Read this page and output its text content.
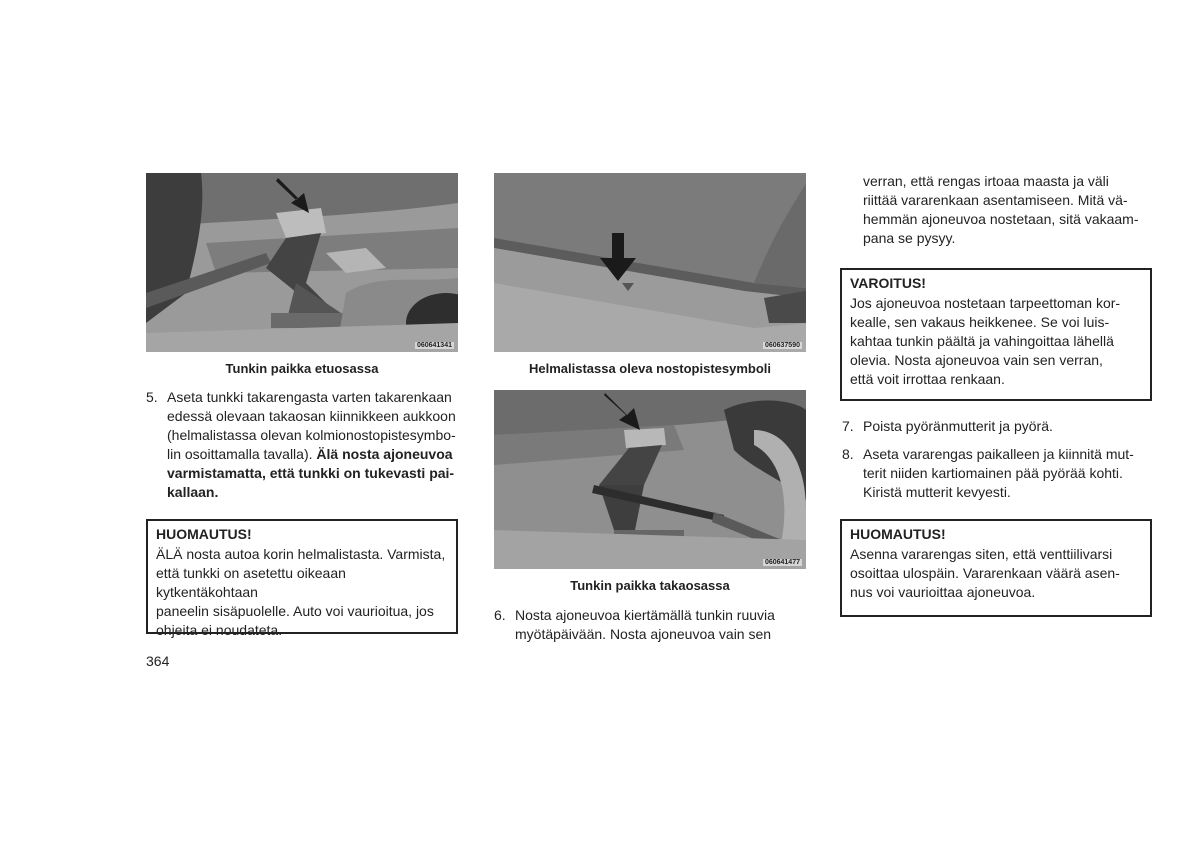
060641341
Tunkin paikka etuosassa
060637590
Helmalistassa oleva nostopistesymboli
060641477
Tunkin paikka takaosassa
5. Aseta tunkki takarengasta varten takarenkaan
edessä olevaan takaosan kiinnikkeen aukkoon
(helmalistassa olevan kolmionostopistesymbo-
lin osoittamalla tavalla). Älä nosta ajoneuvoa
varmistamatta, että tunkki on tukevasti pai-
kallaan.
HUOMAUTUS!
ÄLÄ nosta autoa korin helmalistasta. Varmista,
että tunkki on asetettu oikeaan kytkentäkohtaan
paneelin sisäpuolelle. Auto voi vaurioitua, jos
ohjeita ei noudateta.
6. Nosta ajoneuvoa kiertämällä tunkin ruuvia
myötäpäivään. Nosta ajoneuvoa vain sen
verran, että rengas irtoaa maasta ja väli
riittää vararenkaan asentamiseen. Mitä vä-
hemmän ajoneuvoa nostetaan, sitä vakaam-
pana se pysyy.
VAROITUS!
Jos ajoneuvoa nostetaan tarpeettoman kor-
kealle, sen vakaus heikkenee. Se voi luis-
kahtaa tunkin päältä ja vahingoittaa lähellä
olevia. Nosta ajoneuvoa vain sen verran,
että voit irrottaa renkaan.
7. Poista pyöränmutterit ja pyörä.
8. Aseta vararengas paikalleen ja kiinnitä mut-
terit niiden kartiomainen pää pyörää kohti.
Kiristä mutterit kevyesti.
HUOMAUTUS!
Asenna vararengas siten, että venttiilivarsi
osoittaa ulospäin. Vararenkaan väärä asen-
nus voi vaurioittaa ajoneuvoa.
364
